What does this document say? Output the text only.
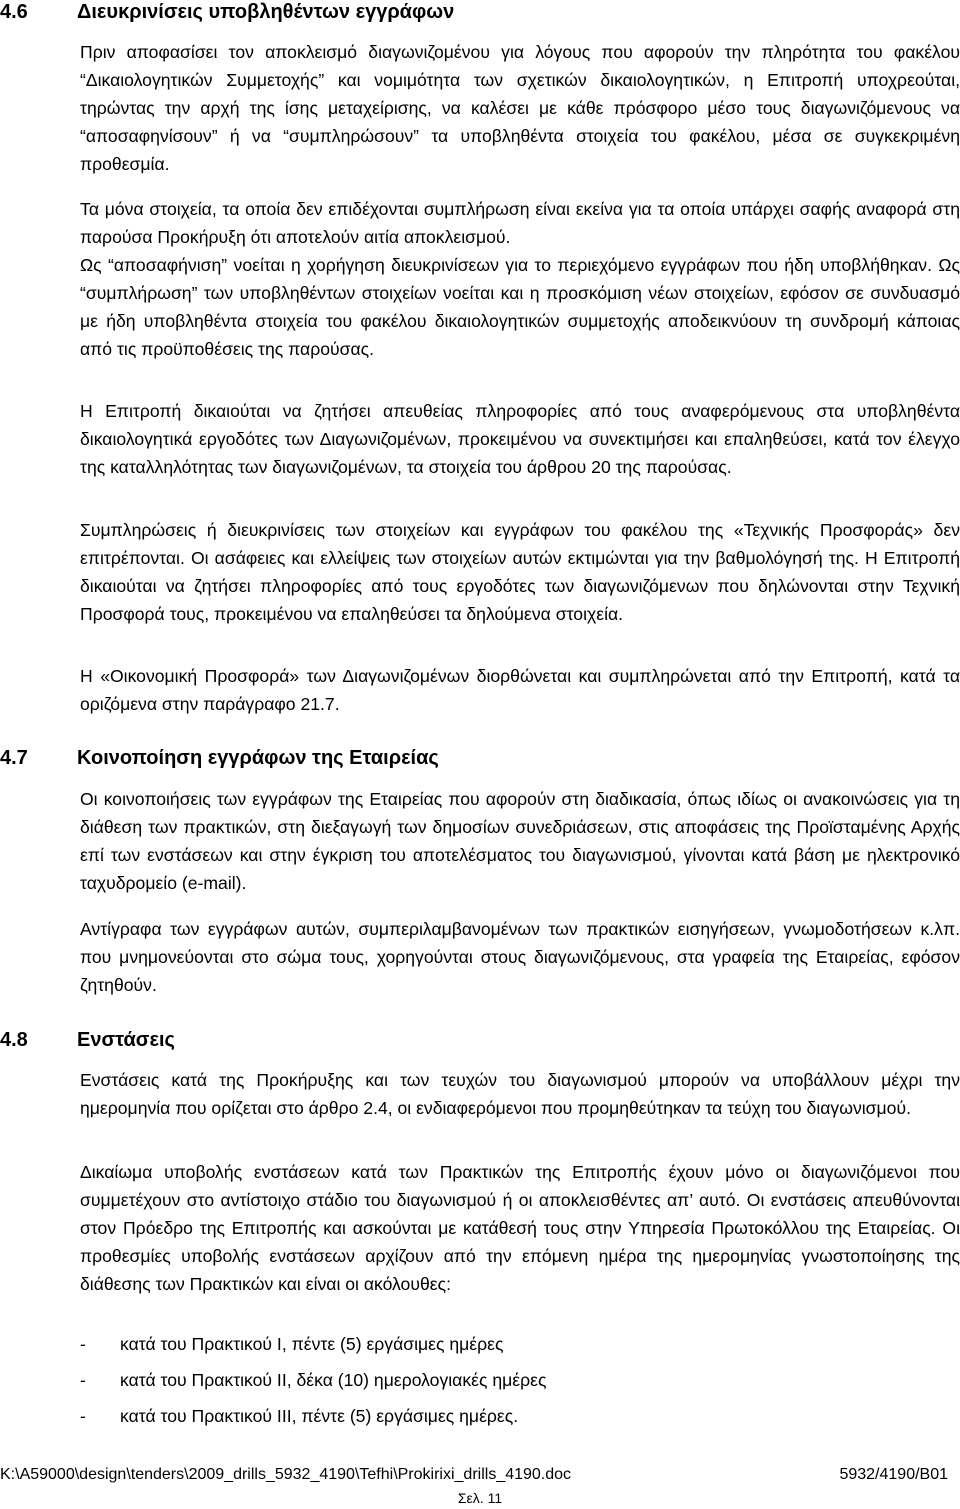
4.6 Διευκρινίσεις υποβληθέντων εγγράφων

Πριν αποφασίσει τον αποκλεισμό διαγωνιζομένου για λόγους που αφορούν την πληρότητα του φακέλου “Δικαιολογητικών Συμμετοχής” και νομιμότητα των σχετικών δικαιολογητικών, η Επιτροπή υποχρεούται, τηρώντας την αρχή της ίσης μεταχείρισης, να καλέσει με κάθε πρόσφορο μέσο τους διαγωνιζόμενους να “αποσαφηνίσουν” ή να “συμπληρώσουν” τα υποβληθέντα στοιχεία του φακέλου, μέσα σε συγκεκριμένη προθεσμία.

Τα μόνα στοιχεία, τα οποία δεν επιδέχονται συμπλήρωση είναι εκείνα για τα οποία υπάρχει σαφής αναφορά στη παρούσα Προκήρυξη ότι αποτελούν αιτία αποκλεισμού.

Ως “αποσαφήνιση” νοείται η χορήγηση διευκρινίσεων για το περιεχόμενο εγγράφων που ήδη υποβλήθηκαν. Ως “συμπλήρωση” των υποβληθέντων στοιχείων νοείται και η προσκόμιση νέων στοιχείων, εφόσον σε συνδυασμό με ήδη υποβληθέντα στοιχεία του φακέλου δικαιολογητικών συμμετοχής αποδεικνύουν τη συνδρομή κάποιας από τις προϋποθέσεις της παρούσας.

Η Επιτροπή δικαιούται να ζητήσει απευθείας πληροφορίες από τους αναφερόμενους στα υποβληθέντα δικαιολογητικά εργοδότες των Διαγωνιζομένων, προκειμένου να συνεκτιμήσει και επαληθεύσει, κατά τον έλεγχο της καταλληλότητας των διαγωνιζομένων, τα στοιχεία του άρθρου 20 της παρούσας.

Συμπληρώσεις ή διευκρινίσεις των στοιχείων και εγγράφων του φακέλου της «Τεχνικής Προσφοράς» δεν επιτρέπονται. Οι ασάφειες και ελλείψεις των στοιχείων αυτών εκτιμώνται για την βαθμολόγησή της. Η Επιτροπή δικαιούται να ζητήσει πληροφορίες από τους εργοδότες των διαγωνιζόμενων που δηλώνονται στην Τεχνική Προσφορά τους, προκειμένου να επαληθεύσει τα δηλούμενα στοιχεία.

Η «Οικονομική Προσφορά» των Διαγωνιζομένων διορθώνεται και συμπληρώνεται από την Επιτροπή, κατά τα οριζόμενα στην παράγραφο 21.7.

4.7 Κοινοποίηση εγγράφων της Εταιρείας

Οι κοινοποιήσεις των εγγράφων της Εταιρείας που αφορούν στη διαδικασία, όπως ιδίως οι ανακοινώσεις για τη διάθεση των πρακτικών, στη διεξαγωγή των δημοσίων συνεδριάσεων, στις αποφάσεις της Προϊσταμένης Αρχής επί των ενστάσεων και στην έγκριση του αποτελέσματος του διαγωνισμού, γίνονται κατά βάση με ηλεκτρονικό ταχυδρομείο (e-mail).

Αντίγραφα των εγγράφων αυτών, συμπεριλαμβανομένων των πρακτικών εισηγήσεων, γνωμοδοτήσεων κ.λπ. που μνημονεύονται στο σώμα τους, χορηγούνται στους διαγωνιζόμενους, στα γραφεία της Εταιρείας, εφόσον ζητηθούν.

4.8 Ενστάσεις

Ενστάσεις κατά της Προκήρυξης και των τευχών του διαγωνισμού μπορούν να υποβάλλουν μέχρι την ημερομηνία που ορίζεται στο άρθρο 2.4, οι ενδιαφερόμενοι που προμηθεύτηκαν τα τεύχη του διαγωνισμού.

Δικαίωμα υποβολής ενστάσεων κατά των Πρακτικών της Επιτροπής έχουν μόνο οι διαγωνιζόμενοι που συμμετέχουν στο αντίστοιχο στάδιο του διαγωνισμού ή οι αποκλεισθέντες απ’ αυτό. Οι ενστάσεις απευθύνονται στον Πρόεδρο της Επιτροπής και ασκούνται με κατάθεσή τους στην Υπηρεσία Πρωτοκόλλου της Εταιρείας. Οι προθεσμίες υποβολής ενστάσεων αρχίζουν από την επόμενη ημέρα της ημερομηνίας γνωστοποίησης της διάθεσης των Πρακτικών και είναι οι ακόλουθες:

- κατά του Πρακτικού Ι, πέντε (5) εργάσιμες ημέρες
- κατά του Πρακτικού ΙΙ, δέκα (10) ημερολογιακές ημέρες
- κατά του Πρακτικού ΙΙΙ, πέντε (5) εργάσιμες ημέρες.
K:\A59000\design\tenders\2009_drills_5932_4190\Tefhi\Prokirixi_drills_4190.doc	5932/4190/B01
Σελ. 11
